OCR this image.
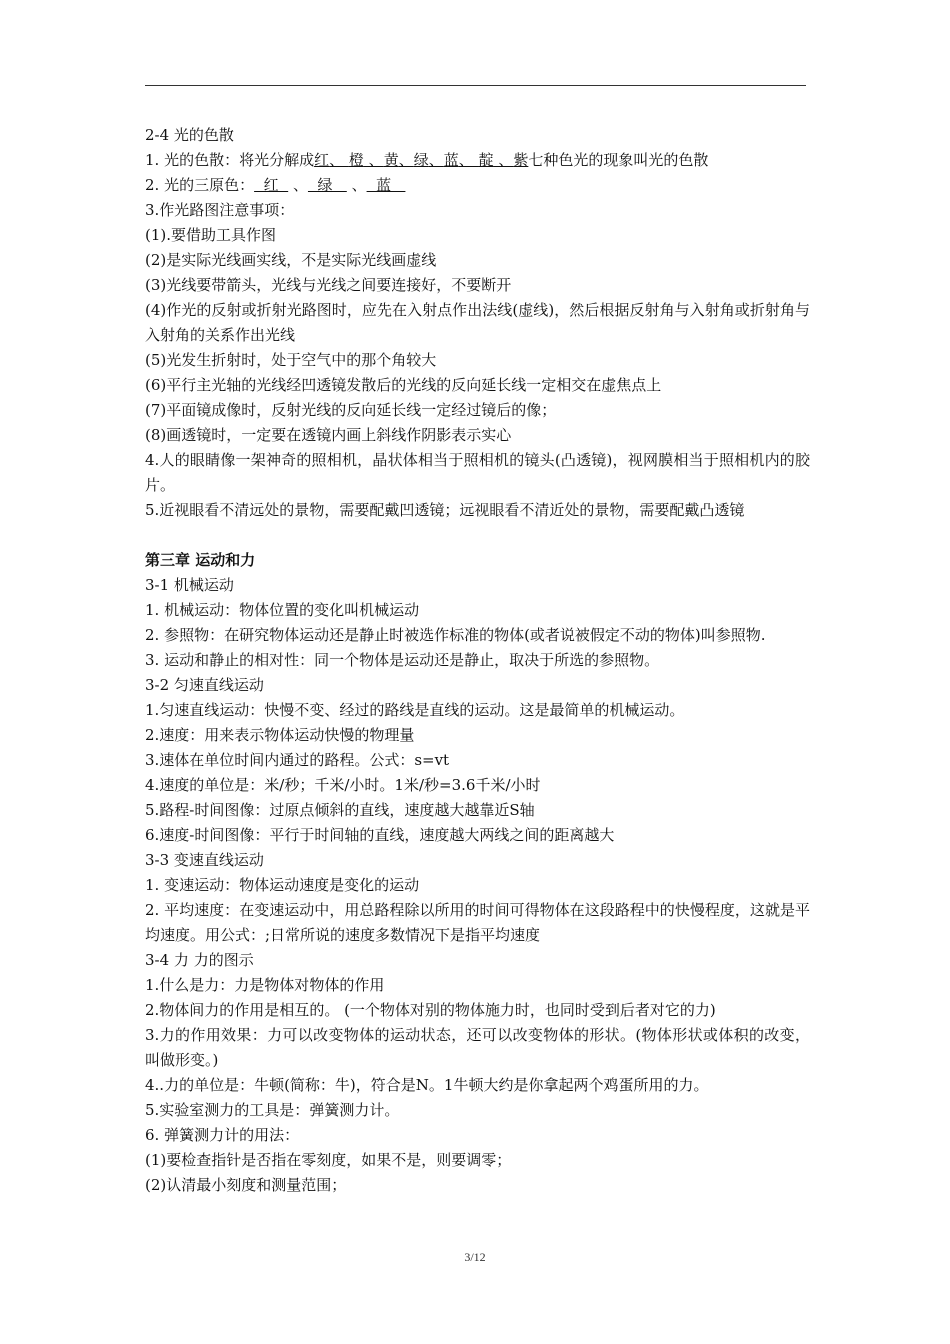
2-4 光的色散
1. 光的色散：将光分解成红、 橙 、黄、绿、蓝、 靛 、紫七种色光的现象叫光的色散
2. 光的三原色：  红   、  绿    、  蓝
3.作光路图注意事项：
(1).要借助工具作图
(2)是实际光线画实线，不是实际光线画虚线
(3)光线要带箭头，光线与光线之间要连接好，不要断开
(4)作光的反射或折射光路图时，应先在入射点作出法线(虚线)，然后根据反射角与入射角或折射角与入射角的关系作出光线
(5)光发生折射时，处于空气中的那个角较大
(6)平行主光轴的光线经凹透镜发散后的光线的反向延长线一定相交在虚焦点上
(7)平面镜成像时，反射光线的反向延长线一定经过镜后的像；
(8)画透镜时，一定要在透镜内画上斜线作阴影表示实心
4.人的眼睛像一架神奇的照相机，晶状体相当于照相机的镜头(凸透镜)，视网膜相当于照相机内的胶片。
5.近视眼看不清远处的景物，需要配戴凹透镜；远视眼看不清近处的景物，需要配戴凸透镜
第三章 运动和力
3-1 机械运动
1. 机械运动：物体位置的变化叫机械运动
2. 参照物：在研究物体运动还是静止时被选作标准的物体(或者说被假定不动的物体)叫参照物.
3. 运动和静止的相对性：同一个物体是运动还是静止，取决于所选的参照物。
3-2 匀速直线运动
1.匀速直线运动：快慢不变、经过的路线是直线的运动。这是最简单的机械运动。
2.速度：用来表示物体运动快慢的物理量
3.速体在单位时间内通过的路程。公式：s=vt
4.速度的单位是：米/秒；千米/小时。1米/秒=3.6千米/小时
5.路程-时间图像：过原点倾斜的直线，速度越大越靠近S轴
6.速度-时间图像：平行于时间轴的直线，速度越大两线之间的距离越大
3-3 变速直线运动
1. 变速运动：物体运动速度是变化的运动
2. 平均速度：在变速运动中，用总路程除以所用的时间可得物体在这段路程中的快慢程度，这就是平均速度。用公式：;日常所说的速度多数情况下是指平均速度
3-4 力 力的图示
1.什么是力：力是物体对物体的作用
2.物体间力的作用是相互的。 (一个物体对别的物体施力时，也同时受到后者对它的力)
3.力的作用效果：力可以改变物体的运动状态，还可以改变物体的形状。(物体形状或体积的改变，叫做形变。)
4..力的单位是：牛顿(简称：牛)，符合是N。1牛顿大约是你拿起两个鸡蛋所用的力。
5.实验室测力的工具是：弹簧测力计。
6. 弹簧测力计的用法：
(1)要检查指针是否指在零刻度，如果不是，则要调零；
(2)认清最小刻度和测量范围；
3/12
